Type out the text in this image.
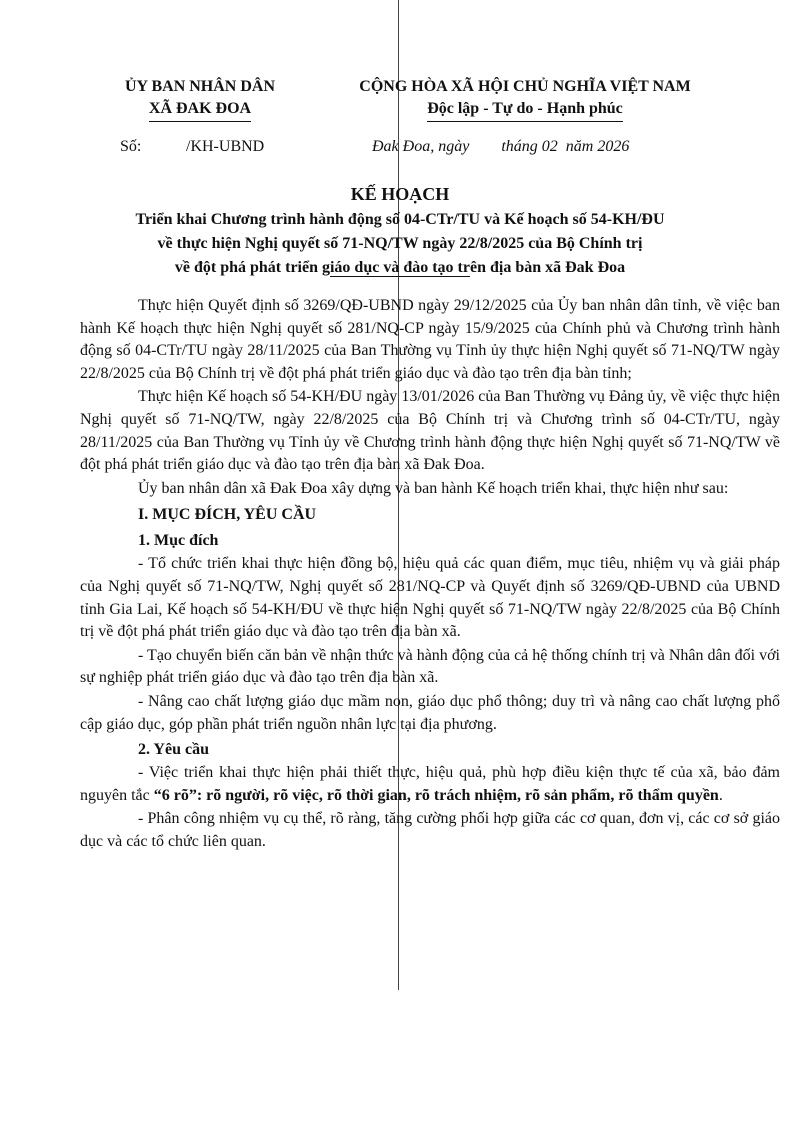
ỦY BAN NHÂN DÂN
XÃ ĐAK ĐOA
CỘNG HÒA XÃ HỘI CHỦ NGHĨA VIỆT NAM
Độc lập - Tự do - Hạnh phúc
Số:	/KH-UBND	Đak Đoa, ngày        tháng 02  năm 2026
KẾ HOẠCH
Triển khai Chương trình hành động số 04-CTr/TU và Kế hoạch số 54-KH/ĐU
về thực hiện Nghị quyết số 71-NQ/TW ngày 22/8/2025 của Bộ Chính trị
về đột phá phát triển giáo dục và đào tạo trên địa bàn xã Đak Đoa

Thực hiện Quyết định số 3269/QĐ-UBND ngày 29/12/2025 của Ủy ban nhân dân tỉnh, về việc ban hành Kế hoạch thực hiện Nghị quyết số 281/NQ-CP ngày 15/9/2025 của Chính phủ và Chương trình hành động số 04-CTr/TU ngày 28/11/2025 của Ban Thường vụ Tỉnh ủy thực hiện Nghị quyết số 71-NQ/TW ngày 22/8/2025 của Bộ Chính trị về đột phá phát triển giáo dục và đào tạo trên địa bàn tỉnh;

Thực hiện Kế hoạch số 54-KH/ĐU ngày 13/01/2026 của Ban Thường vụ Đảng ủy, về việc thực hiện Nghị quyết số 71-NQ/TW, ngày 22/8/2025 của Bộ Chính trị và Chương trình số 04-CTr/TU, ngày 28/11/2025 của Ban Thường vụ Tỉnh ủy về Chương trình hành động thực hiện Nghị quyết số 71-NQ/TW về đột phá phát triển giáo dục và đào tạo trên địa bàn xã Đak Đoa.

Ủy ban nhân dân xã Đak Đoa xây dựng và ban hành Kế hoạch triển khai, thực hiện như sau:

I. MỤC ĐÍCH, YÊU CẦU
1. Mục đích

- Tổ chức triển khai thực hiện đồng bộ, hiệu quả các quan điểm, mục tiêu, nhiệm vụ và giải pháp của Nghị quyết số 71-NQ/TW, Nghị quyết số 281/NQ-CP và Quyết định số 3269/QĐ-UBND của UBND tỉnh Gia Lai, Kế hoạch số 54-KH/ĐU về thực hiện Nghị quyết số 71-NQ/TW ngày 22/8/2025 của Bộ Chính trị về đột phá phát triển giáo dục và đào tạo trên địa bàn xã.

- Tạo chuyển biến căn bản về nhận thức và hành động của cả hệ thống chính trị và Nhân dân đối với sự nghiệp phát triển giáo dục và đào tạo trên địa bàn xã.

- Nâng cao chất lượng giáo dục mầm non, giáo dục phổ thông; duy trì và nâng cao chất lượng phổ cập giáo dục, góp phần phát triển nguồn nhân lực tại địa phương.

2. Yêu cầu

- Việc triển khai thực hiện phải thiết thực, hiệu quả, phù hợp điều kiện thực tế của xã, bảo đảm nguyên tắc “6 rõ”: rõ người, rõ việc, rõ thời gian, rõ trách nhiệm, rõ sản phẩm, rõ thẩm quyền.

- Phân công nhiệm vụ cụ thể, rõ ràng, tăng cường phối hợp giữa các cơ quan, đơn vị, các cơ sở giáo dục và các tổ chức liên quan.
